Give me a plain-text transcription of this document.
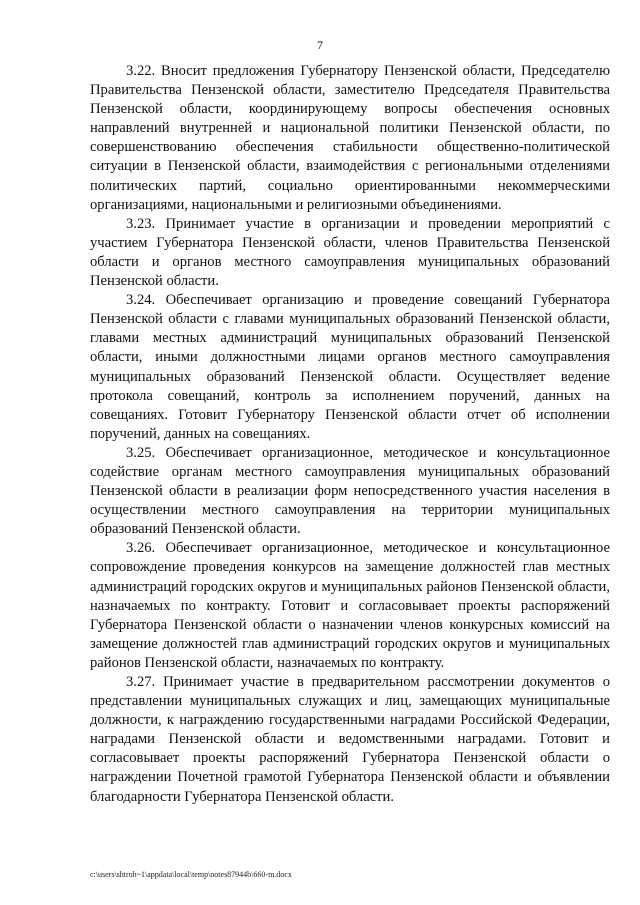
7

3.22. Вносит предложения Губернатору Пензенской области, Председателю Правительства Пензенской области, заместителю Председателя Правительства Пензенской области, координирующему вопросы обеспечения основных направлений внутренней и национальной политики Пензенской области, по совершенствованию обеспечения стабильности общественно-политической ситуации в Пензенской области, взаимодействия с региональными отделениями политических партий, социально ориентированными некоммерческими организациями, национальными и религиозными объединениями.

3.23. Принимает участие в организации и проведении мероприятий с участием Губернатора Пензенской области, членов Правительства Пензенской области и органов местного самоуправления муниципальных образований Пензенской области.

3.24. Обеспечивает организацию и проведение совещаний Губернатора Пензенской области с главами муниципальных образований Пензенской области, главами местных администраций муниципальных образований Пензенской области, иными должностными лицами органов местного самоуправления муниципальных образований Пензенской области. Осуществляет ведение протокола совещаний, контроль за исполнением поручений, данных на совещаниях. Готовит Губернатору Пензенской области отчет об исполнении поручений, данных на совещаниях.

3.25. Обеспечивает организационное, методическое и консультационное содействие органам местного самоуправления муниципальных образований Пензенской области в реализации форм непосредственного участия населения в осуществлении местного самоуправления на территории муниципальных образований Пензенской области.

3.26. Обеспечивает организационное, методическое и консультационное сопровождение проведения конкурсов на замещение должностей глав местных администраций городских округов и муниципальных районов Пензенской области, назначаемых по контракту. Готовит и согласовывает проекты распоряжений Губернатора Пензенской области о назначении членов конкурсных комиссий на замещение должностей глав администраций городских округов и муниципальных районов Пензенской области, назначаемых по контракту.

3.27. Принимает участие в предварительном рассмотрении документов о представлении муниципальных служащих и лиц, замещающих муниципальные должности, к награждению государственными наградами Российской Федерации, наградами Пензенской области и ведомственными наградами. Готовит и согласовывает проекты распоряжений Губернатора Пензенской области о награждении Почетной грамотой Губернатора Пензенской области и объявлении благодарности Губернатора Пензенской области.

c:\users\shtroh~1\appdata\local\temp\notes87944b\660-m.docx
